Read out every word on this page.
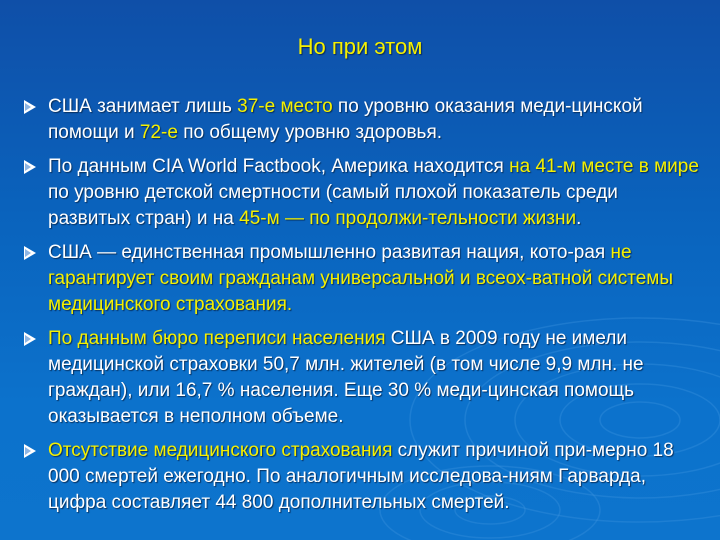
Но при этом
США занимает лишь 37-е место по уровню оказания меди-цинской помощи и 72-е по общему уровню здоровья.
По данным CIA World Factbook, Америка находится на 41-м месте в мире по уровню детской смертности (самый плохой показатель среди развитых стран) и на 45-м — по продолжи-тельности жизни.
США — единственная промышленно развитая нация, кото-рая не гарантирует своим гражданам универсальной и всеох-ватной системы медицинского страхования.
По данным бюро переписи населения США в 2009 году не имели медицинской страховки 50,7 млн. жителей (в том числе 9,9 млн. не граждан), или 16,7 % населения. Еще 30 % меди-цинская помощь оказывается в неполном объеме.
Отсутствие медицинского страхования служит причиной при-мерно 18 000 смертей ежегодно. По аналогичным исследова-ниям Гарварда, цифра составляет 44 800 дополнительных смертей.
